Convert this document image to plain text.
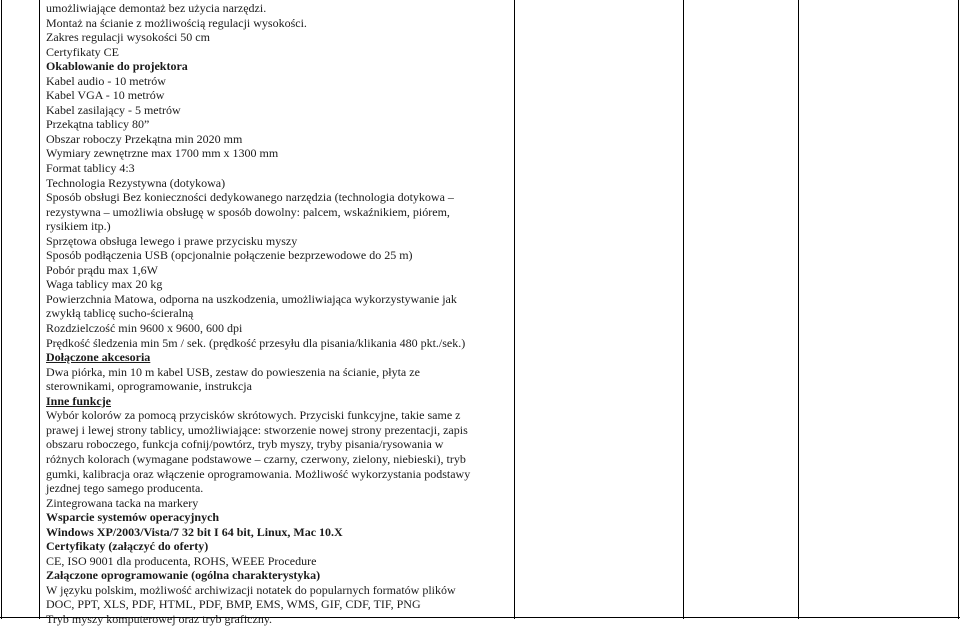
umożliwiające demontaż bez użycia narzędzi.
Montaż na ścianie z możliwością regulacji wysokości.
Zakres regulacji wysokości 50 cm
Certyfikaty CE
Okablowanie do projektora
Kabel audio - 10 metrów
Kabel VGA - 10 metrów
Kabel zasilający - 5 metrów
Przekątna tablicy 80”
Obszar roboczy Przekątna min 2020 mm
Wymiary zewnętrzne max 1700 mm x 1300 mm
Format tablicy 4:3
Technologia Rezystywna (dotykowa)
Sposób obsługi Bez konieczności dedykowanego narzędzia (technologia dotykowa –
rezystywna – umożliwia obsługę w sposób dowolny: palcem, wskaźnikiem, piórem,
rysikiem itp.)
Sprzętowa obsługa lewego i prawe przycisku myszy
Sposób podłączenia USB (opcjonalnie połączenie bezprzewodowe do 25 m)
Pobór prądu max 1,6W
Waga tablicy max 20 kg
Powierzchnia Matowa, odporna na uszkodzenia, umożliwiająca wykorzystywanie jak
zwykłą tablicę sucho-ścieralną
Rozdzielczość min 9600 x 9600, 600 dpi
Prędkość śledzenia min 5m / sek. (prędkość przesyłu dla pisania/klikania 480 pkt./sek.)
Dołączone akcesoria
Dwa piórka, min 10 m kabel USB, zestaw do powieszenia na ścianie, płyta ze
sterownikami, oprogramowanie, instrukcja
Inne funkcje
Wybór kolorów za pomocą przycisków skrótowych. Przyciski funkcyjne, takie same z
prawej i lewej strony tablicy, umożliwiające: stworzenie nowej strony prezentacji, zapis
obszaru roboczego, funkcja cofnij/powtórz, tryb myszy, tryby pisania/rysowania w
różnych kolorach (wymagane podstawowe – czarny, czerwony, zielony, niebieski), tryb
gumki, kalibracja oraz włączenie oprogramowania. Możliwość wykorzystania podstawy
jezdnej tego samego producenta.
Zintegrowana tacka na markery
Wsparcie systemów operacyjnych
Windows XP/2003/Vista/7 32 bit I 64 bit, Linux, Mac 10.X
Certyfikaty (załączyć do oferty)
CE, ISO 9001 dla producenta, ROHS, WEEE Procedure
Załączone oprogramowanie (ogólna charakterystyka)
W języku polskim, możliwość archiwizacji notatek do popularnych formatów plików
DOC, PPT, XLS, PDF, HTML, PDF, BMP, EMS, WMS, GIF, CDF, TIF, PNG
Tryb myszy komputerowej oraz tryb graficzny.
